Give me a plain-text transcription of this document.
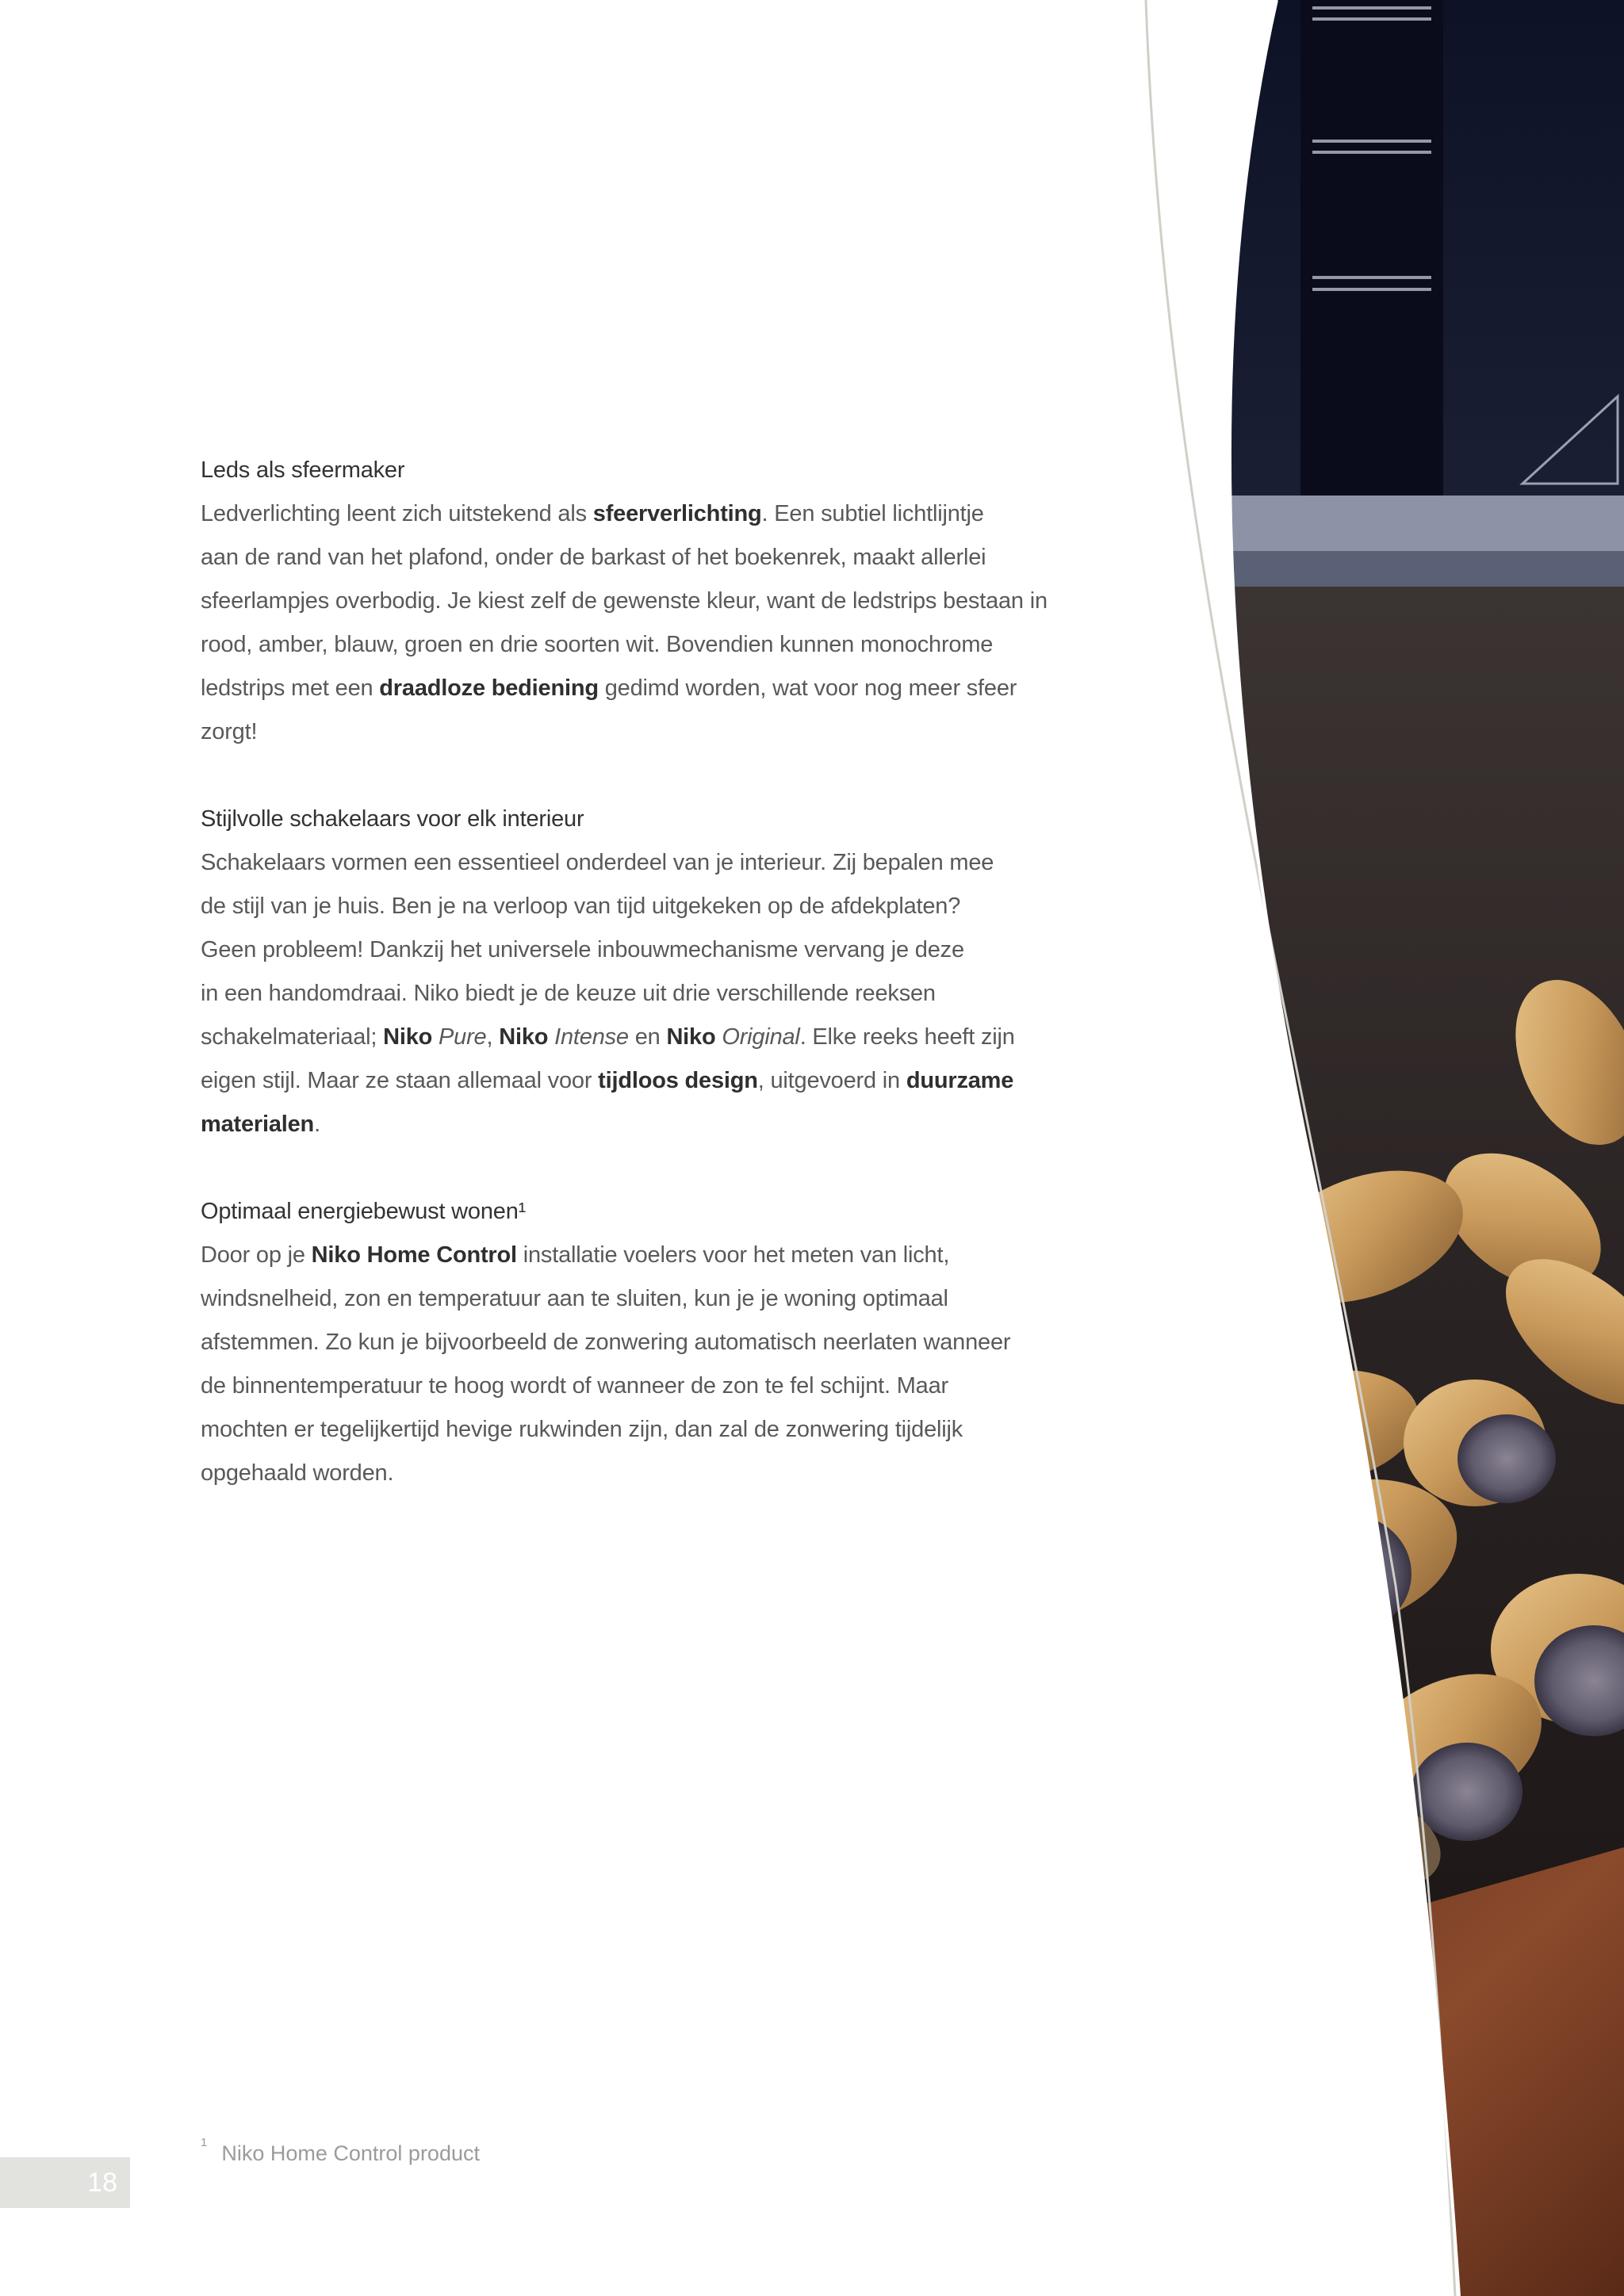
Leds als sfeermaker
Ledverlichting leent zich uitstekend als sfeerverlichting. Een subtiel lichtlijntje
aan de rand van het plafond, onder de barkast of het boekenrek, maakt allerlei
sfeerlampjes overbodig. Je kiest zelf de gewenste kleur, want de ledstrips bestaan in
rood, amber, blauw, groen en drie soorten wit. Bovendien kunnen monochrome
ledstrips met een draadloze bediening gedimd worden, wat voor nog meer sfeer
zorgt!
Stijlvolle schakelaars voor elk interieur
Schakelaars vormen een essentieel onderdeel van je interieur. Zij bepalen mee
de stijl van je huis. Ben je na verloop van tijd uitgekeken op de afdekplaten?
Geen probleem! Dankzij het universele inbouwmechanisme vervang je deze
in een handomdraai. Niko biedt je de keuze uit drie verschillende reeksen
schakelmateriaal; Niko Pure, Niko Intense en Niko Original. Elke reeks heeft zijn
eigen stijl. Maar ze staan allemaal voor tijdloos design, uitgevoerd in duurzame
materialen.
Optimaal energiebewust wonen¹
Door op je Niko Home Control installatie voelers voor het meten van licht,
windsnelheid, zon en temperatuur aan te sluiten, kun je je woning optimaal
afstemmen. Zo kun je bijvoorbeeld de zonwering automatisch neerlaten wanneer
de binnentemperatuur te hoog wordt of wanneer de zon te fel schijnt. Maar
mochten er tegelijkertijd hevige rukwinden zijn, dan zal de zonwering tijdelijk
opgehaald worden.
$^1$ Niko Home Control product
18
